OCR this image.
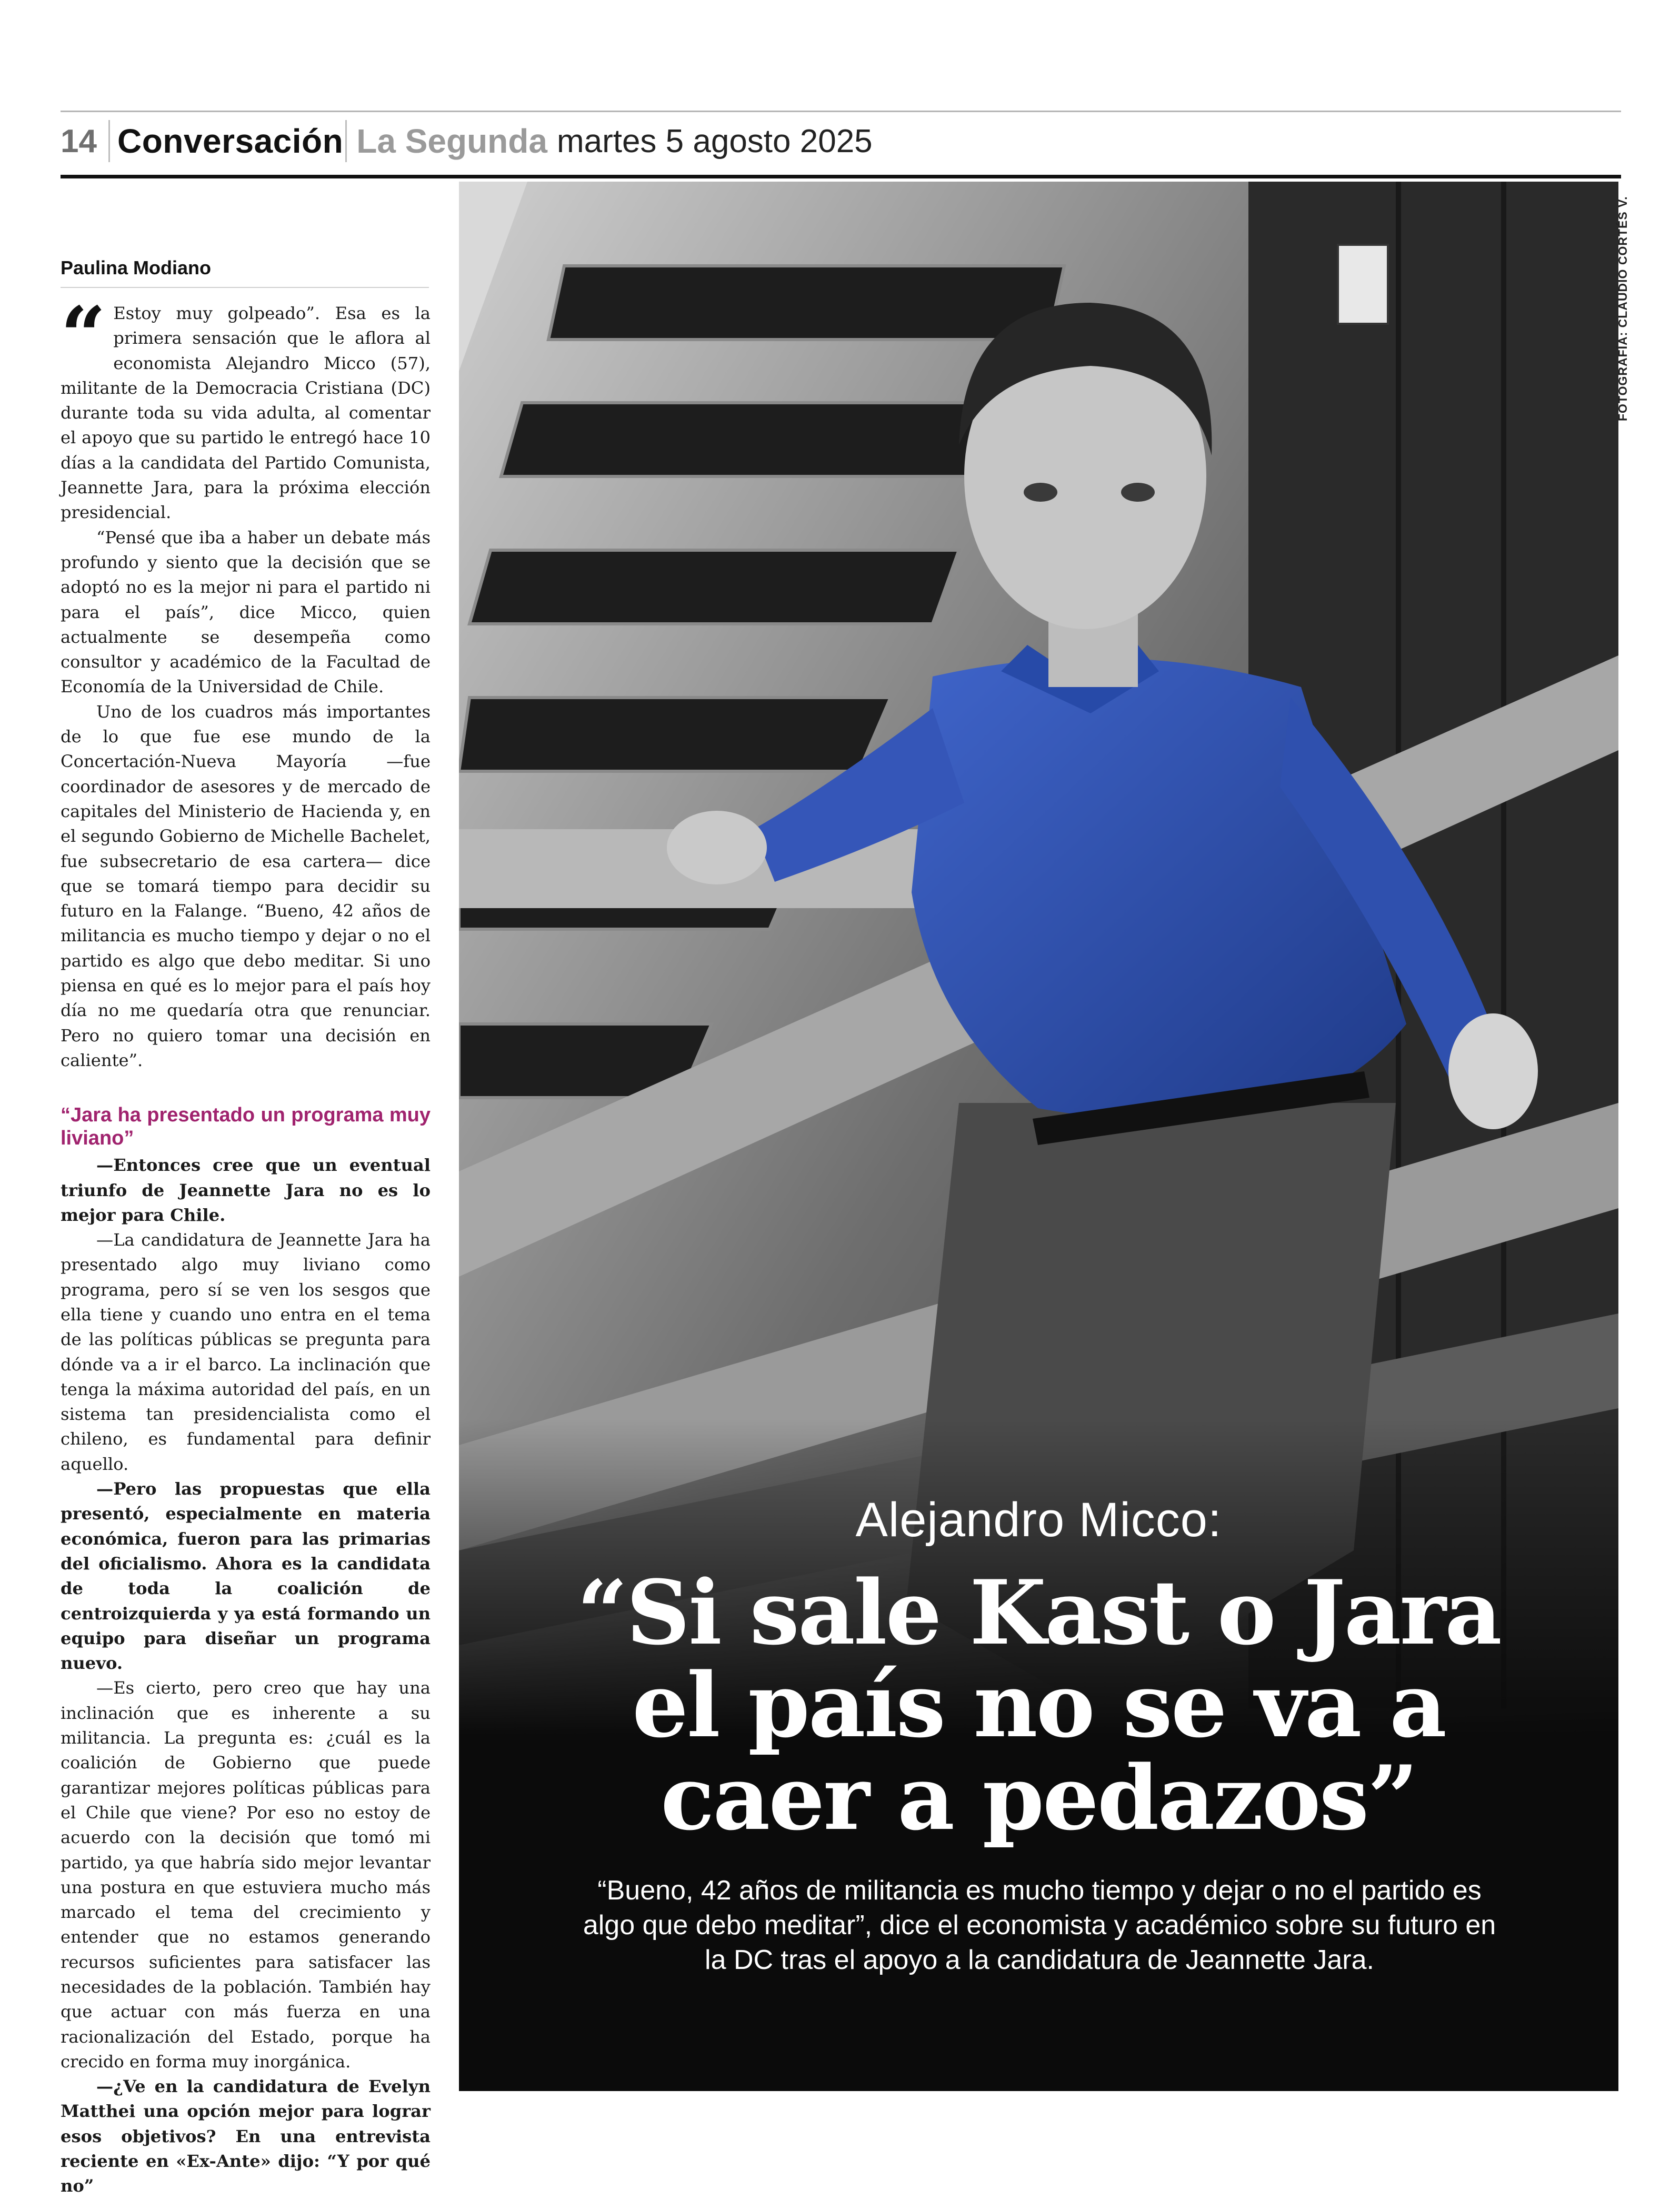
14 Conversación La Segunda martes 5 agosto 2025
Paulina Modiano

“ Estoy muy golpeado”. Esa es la primera sensación que le aflora al economista Alejandro Micco (57), militante de la Democracia Cristiana (DC) durante toda su vida adulta, al comentar el apoyo que su partido le entregó hace 10 días a la candidata del Partido Comunista, Jeannette Jara, para la próxima elección presidencial.

“Pensé que iba a haber un debate más profundo y siento que la decisión que se adoptó no es la mejor ni para el partido ni para el país”, dice Micco, quien actualmente se desempeña como consultor y académico de la Facultad de Economía de la Universidad de Chile.

Uno de los cuadros más importantes de lo que fue ese mundo de la Concertación-Nueva Mayoría —fue coordinador de asesores y de mercado de capitales del Ministerio de Hacienda y, en el segundo Gobierno de Michelle Bachelet, fue subsecretario de esa cartera— dice que se tomará tiempo para decidir su futuro en la Falange. “Bueno, 42 años de militancia es mucho tiempo y dejar o no el partido es algo que debo meditar. Si uno piensa en qué es lo mejor para el país hoy día no me quedaría otra que renunciar. Pero no quiero tomar una decisión en caliente”.

“Jara ha presentado un programa muy liviano”

—Entonces cree que un eventual triunfo de Jeannette Jara no es lo mejor para Chile.

—La candidatura de Jeannette Jara ha presentado algo muy liviano como programa, pero sí se ven los sesgos que ella tiene y cuando uno entra en el tema de las políticas públicas se pregunta para dónde va a ir el barco. La inclinación que tenga la máxima autoridad del país, en un sistema tan presidencialista como el chileno, es fundamental para definir aquello.

—Pero las propuestas que ella presentó, especialmente en materia económica, fueron para las primarias del oficialismo. Ahora es la candidata de toda la coalición de centroizquierda y ya está formando un equipo para diseñar un programa nuevo.

—Es cierto, pero creo que hay una inclinación que es inherente a su militancia. La pregunta es: ¿cuál es la coalición de Gobierno que puede garantizar mejores políticas públicas para el Chile que viene? Por eso no estoy de acuerdo con la decisión que tomó mi partido, ya que habría sido mejor levantar una postura en que estuviera mucho más marcado el tema del crecimiento y entender que no estamos generando recursos suficientes para satisfacer las necesidades de la población. También hay que actuar con más fuerza en una racionalización del Estado, porque ha crecido en forma muy inorgánica.

—¿Ve en la candidatura de Evelyn Matthei una opción mejor para lograr esos objetivos? En una entrevista reciente en «Ex-Ante» dijo: “Y por qué no”

FOTOGRAFÍA: CLAUDIO CORTÉS V.
Alejandro Micco:
“Si sale Kast o Jara
el país no se va a
caer a pedazos”
“Bueno, 42 años de militancia es mucho tiempo y dejar o no el partido es algo que debo meditar”, dice el economista y académico sobre su futuro en la DC tras el apoyo a la candidatura de Jeannette Jara.
